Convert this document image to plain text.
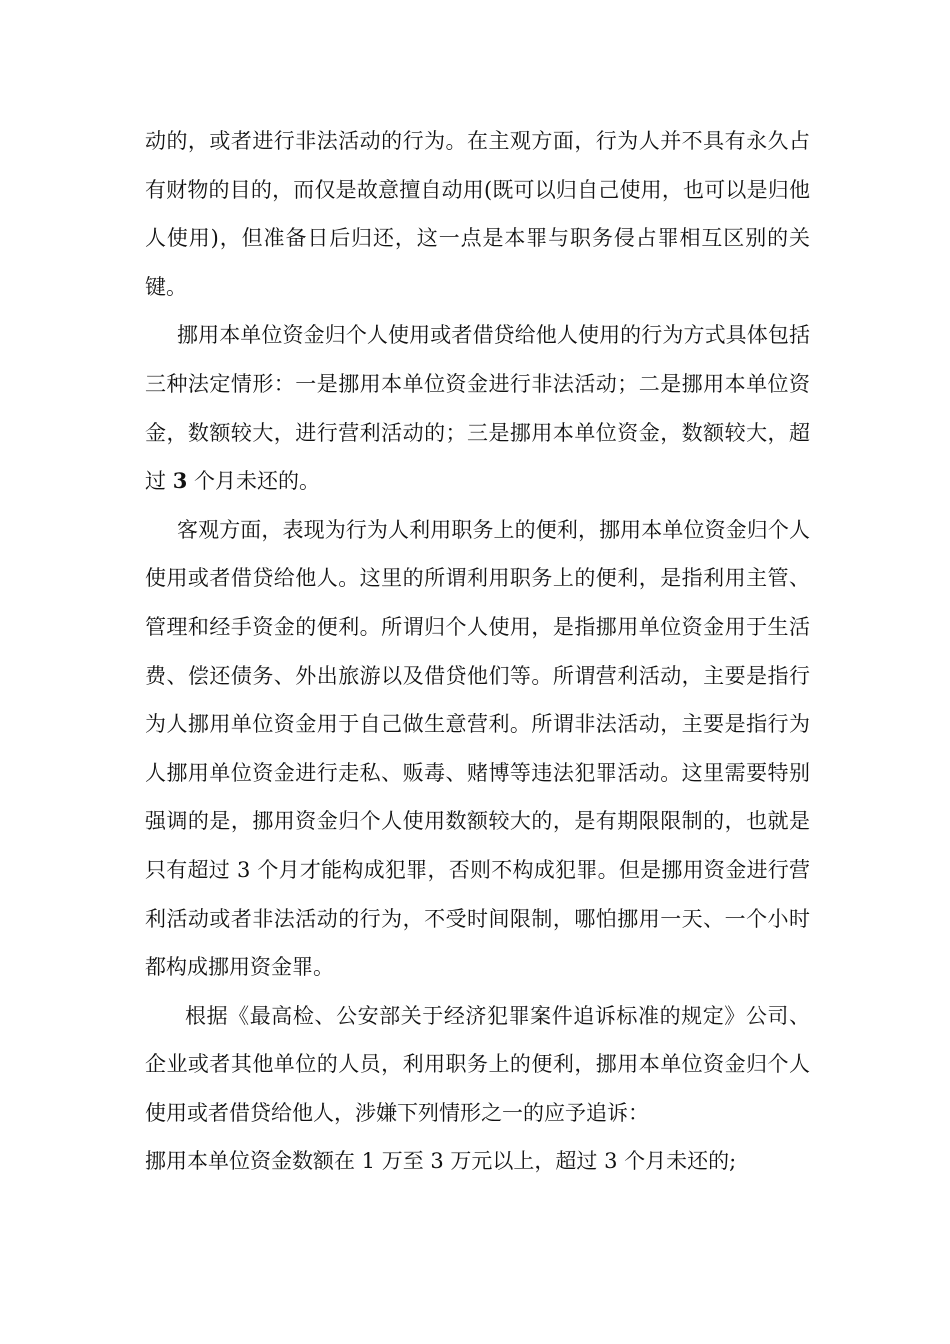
动的，或者进行非法活动的行为。在主观方面，行为人并不具有永久占有财物的目的，而仅是故意擅自动用(既可以归自己使用，也可以是归他人使用)，但准备日后归还，这一点是本罪与职务侵占罪相互区别的关键。

挪用本单位资金归个人使用或者借贷给他人使用的行为方式具体包括三种法定情形：一是挪用本单位资金进行非法活动；二是挪用本单位资金，数额较大，进行营利活动的；三是挪用本单位资金，数额较大，超过 3 个月未还的。

客观方面，表现为行为人利用职务上的便利，挪用本单位资金归个人使用或者借贷给他人。这里的所谓利用职务上的便利，是指利用主管、管理和经手资金的便利。所谓归个人使用，是指挪用单位资金用于生活费、偿还债务、外出旅游以及借贷他们等。所谓营利活动，主要是指行为人挪用单位资金用于自己做生意营利。所谓非法活动，主要是指行为人挪用单位资金进行走私、贩毒、赌博等违法犯罪活动。这里需要特别强调的是，挪用资金归个人使用数额较大的，是有期限限制的，也就是只有超过 3 个月才能构成犯罪，否则不构成犯罪。但是挪用资金进行营利活动或者非法活动的行为，不受时间限制，哪怕挪用一天、一个小时都构成挪用资金罪。

根据《最高检、公安部关于经济犯罪案件追诉标准的规定》公司、企业或者其他单位的人员，利用职务上的便利，挪用本单位资金归个人使用或者借贷给他人，涉嫌下列情形之一的应予追诉：

挪用本单位资金数额在 1 万至 3 万元以上，超过 3 个月未还的;
